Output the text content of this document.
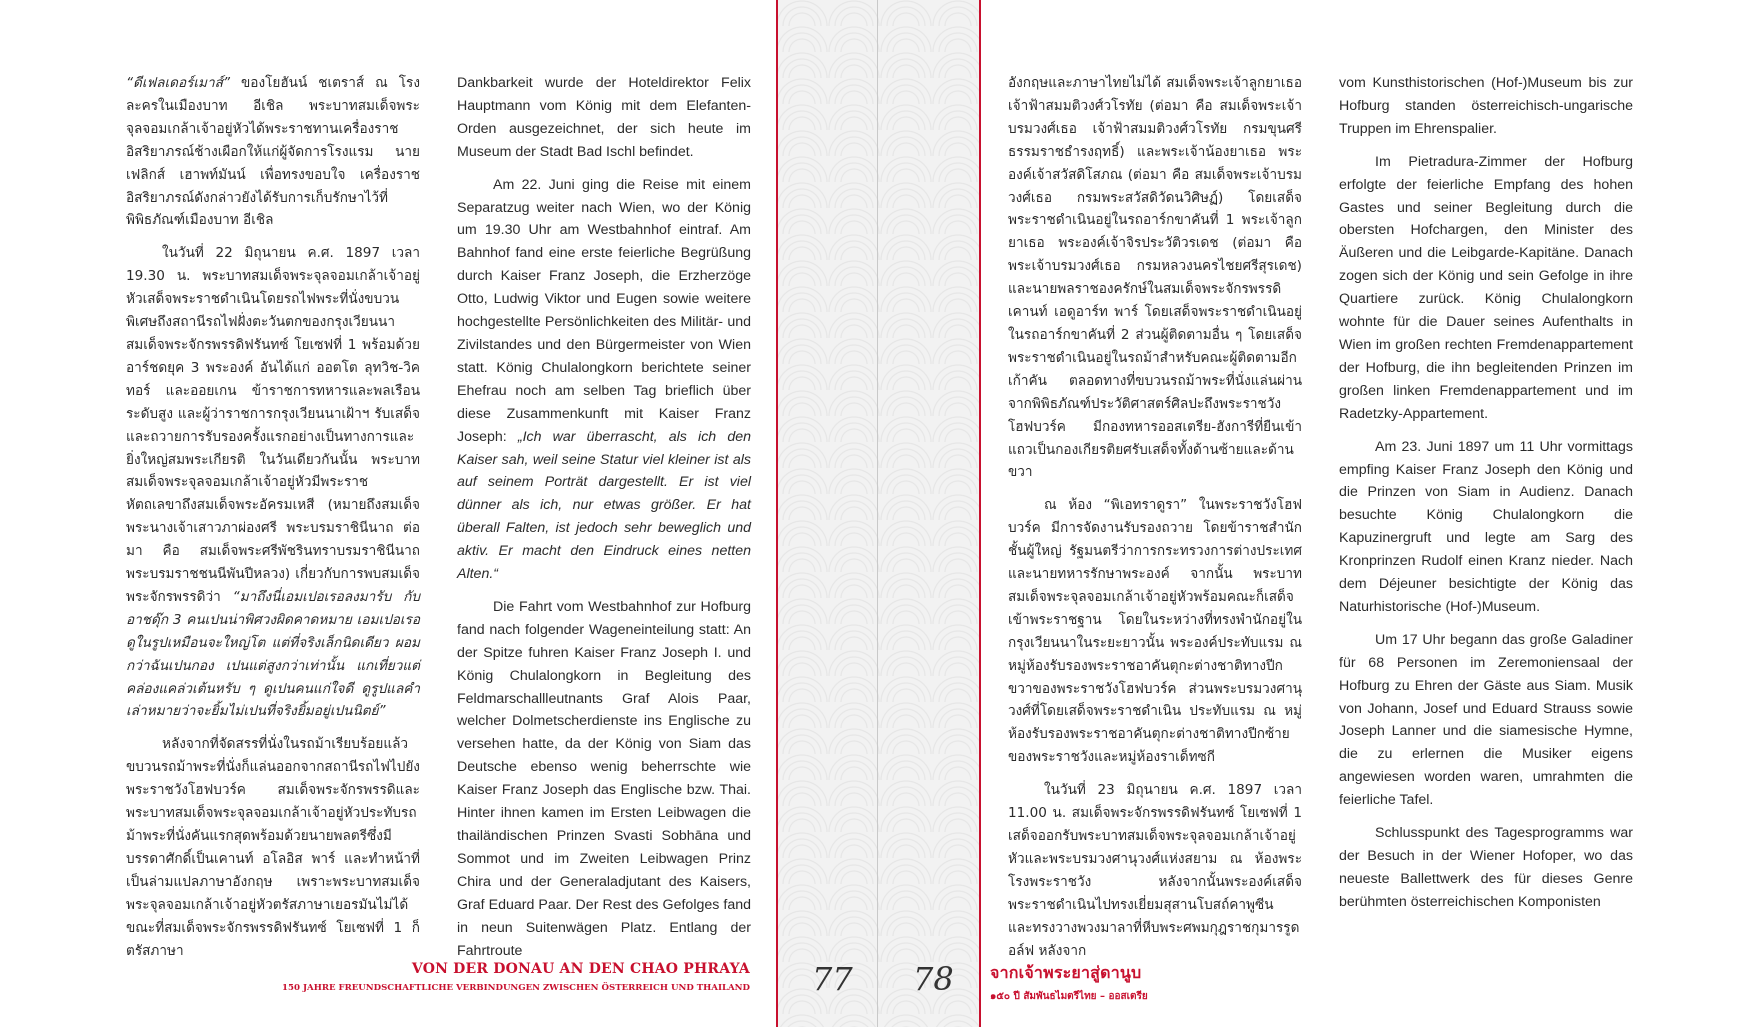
“ดีเฟลเดอร์เมาส์” ของโยฮันน์ ชเตราส์ ณ โรงละครในเมืองบาท อีเชิล พระบาทสมเด็จพระจุลจอมเกล้าเจ้าอยู่หัวได้พระราชทานเครื่องราชอิสริยาภรณ์ช้างเผือกให้แก่ผู้จัดการโรงแรม นายเฟลิกส์ เฮาพท์มันน์ เพื่อทรงขอบใจ เครื่องราชอิสริยาภรณ์ดังกล่าวยังได้รับการเก็บรักษาไว้ที่พิพิธภัณฑ์เมืองบาท อีเชิล

ในวันที่ 22 มิถุนายน ค.ศ. 1897 เวลา 19.30 น. พระบาทสมเด็จพระจุลจอมเกล้าเจ้าอยู่หัวเสด็จพระราชดำเนินโดยรถไฟพระที่นั่งขบวนพิเศษถึงสถานีรถไฟฝั่งตะวันตกของกรุงเวียนนา สมเด็จพระจักรพรรดิฟรันทซ์ โยเซฟที่ 1 พร้อมด้วยอาร์ชดยุค 3 พระองค์ อันได้แก่ ออตโต ลุทวิช-วิคทอร์ และออยเกน ข้าราชการทหารและพลเรือนระดับสูง และผู้ว่าราชการกรุงเวียนนาเฝ้าฯ รับเสด็จและถวายการรับรองครั้งแรกอย่างเป็นทางการและยิ่งใหญ่สมพระเกียรติ ในวันเดียวกันนั้น พระบาทสมเด็จพระจุลจอมเกล้าเจ้าอยู่หัวมีพระราชหัตถเลขาถึงสมเด็จพระอัครมเหสี (หมายถึงสมเด็จพระนางเจ้าเสาวภาผ่องศรี พระบรมราชินีนาถ ต่อมา คือ สมเด็จพระศรีพัชรินทราบรมราชินีนาถ พระบรมราชชนนีพันปีหลวง) เกี่ยวกับการพบสมเด็จพระจักรพรรดิว่า “มาถึงนี่เอมเปอเรอลงมารับ กับอาชดุ๊ก 3 คนเปนน่าพิศวงผิดคาดหมาย เอมเปอเรอดูในรูปเหมือนจะใหญ่โต แต่ที่จริงเล็กนิดเดียว ผอมกว่าฉันเปนกอง เปนแต่สูงกว่าเท่านั้น แกเที่ยวแต่คล่องแคล่วเต้นหรับ ๆ ดูเปนคนแก่ใจดี ดูรูปแลคำเล่าหมายว่าจะยิ้มไม่เปนที่จริงยิ้มอยู่เปนนิตย์”

หลังจากที่จัดสรรที่นั่งในรถม้าเรียบร้อยแล้ว ขบวนรถม้าพระที่นั่งก็แล่นออกจากสถานีรถไฟไปยังพระราชวังโฮฟบวร์ค สมเด็จพระจักรพรรดิและพระบาทสมเด็จพระจุลจอมเกล้าเจ้าอยู่หัวประทับรถม้าพระที่นั่งคันแรกสุดพร้อมด้วยนายพลตรีซึ่งมีบรรดาศักดิ์เป็นเคานท์ อโลอิส พาร์ และทำหน้าที่เป็นล่ามแปลภาษาอังกฤษ เพราะพระบาทสมเด็จพระจุลจอมเกล้าเจ้าอยู่หัวตรัสภาษาเยอรมันไม่ได้ ขณะที่สมเด็จพระจักรพรรดิฟรันทซ์ โยเซฟที่ 1 ก็ตรัสภาษา

Dankbarkeit wurde der Hoteldirektor Felix Hauptmann vom König mit dem Elefanten-Orden ausgezeichnet, der sich heute im Museum der Stadt Bad Ischl befindet.

Am 22. Juni ging die Reise mit einem Separatzug weiter nach Wien, wo der König um 19.30 Uhr am Westbahnhof eintraf. Am Bahnhof fand eine erste feierliche Begrüßung durch Kaiser Franz Joseph, die Erzherzöge Otto, Ludwig Viktor und Eugen sowie weitere hochgestellte Persönlichkeiten des Militär- und Zivilstandes und den Bürgermeister von Wien statt. König Chulalongkorn berichtete seiner Ehefrau noch am selben Tag brieflich über diese Zusammenkunft mit Kaiser Franz Joseph: „Ich war überrascht, als ich den Kaiser sah, weil seine Statur viel kleiner ist als auf seinem Porträt dargestellt. Er ist viel dünner als ich, nur etwas größer. Er hat überall Falten, ist jedoch sehr beweglich und aktiv. Er macht den Eindruck eines netten Alten.“

Die Fahrt vom Westbahnhof zur Hofburg fand nach folgender Wageneinteilung statt: An der Spitze fuhren Kaiser Franz Joseph I. und König Chulalongkorn in Begleitung des Feldmarschallleutnants Graf Alois Paar, welcher Dolmetscherdienste ins Englische zu versehen hatte, da der König von Siam das Deutsche ebenso wenig beherrschte wie Kaiser Franz Joseph das Englische bzw. Thai. Hinter ihnen kamen im Ersten Leibwagen die thailändischen Prinzen Svasti Sobhāna und Sommot und im Zweiten Leibwagen Prinz Chira und der Generaladjutant des Kaisers, Graf Eduard Paar. Der Rest des Gefolges fand in neun Suitenwägen Platz. Entlang der Fahrtroute

77 78
VON DER DONAU AN DEN CHAO PHRAYA
150 JAHRE FREUNDSCHAFTLICHE VERBINDUNGEN ZWISCHEN ÖSTERREICH UND THAILAND

อังกฤษและภาษาไทยไม่ได้ สมเด็จพระเจ้าลูกยาเธอ เจ้าฟ้าสมมติวงศ์วโรทัย (ต่อมา คือ สมเด็จพระเจ้าบรมวงศ์เธอ เจ้าฟ้าสมมติวงศ์วโรทัย กรมขุนศรีธรรมราชธำรงฤทธิ์) และพระเจ้าน้องยาเธอ พระองค์เจ้าสวัสดิโสภณ (ต่อมา คือ สมเด็จพระเจ้าบรมวงศ์เธอ กรมพระสวัสดิวัดนวิศิษฏ์) โดยเสด็จพระราชดำเนินอยู่ในรถอาร์กขาคันที่ 1 พระเจ้าลูกยาเธอ พระองค์เจ้าจิรประวัติวรเดช (ต่อมา คือ พระเจ้าบรมวงศ์เธอ กรมหลวงนครไชยศรีสุรเดช) และนายพลราชองครักษ์ในสมเด็จพระจักรพรรดิ เคานท์ เอดูอาร์ท พาร์ โดยเสด็จพระราชดำเนินอยู่ในรถอาร์กขาคันที่ 2 ส่วนผู้ติดตามอื่น ๆ โดยเสด็จพระราชดำเนินอยู่ในรถม้าสำหรับคณะผู้ติดตามอีกเก้าคัน ตลอดทางที่ขบวนรถม้าพระที่นั่งแล่นผ่านจากพิพิธภัณฑ์ประวัติศาสตร์ศิลปะถึงพระราชวังโฮฟบวร์ค มีกองทหารออสเตรีย-ฮังการีที่ยืนเข้าแถวเป็นกองเกียรติยศรับเสด็จทั้งด้านซ้ายและด้านขวา

ณ ห้อง “พิเอทราดูรา” ในพระราชวังโฮฟบวร์ค มีการจัดงานรับรองถวาย โดยข้าราชสำนักชั้นผู้ใหญ่ รัฐมนตรีว่าการกระทรวงการต่างประเทศและนายทหารรักษาพระองค์ จากนั้น พระบาทสมเด็จพระจุลจอมเกล้าเจ้าอยู่หัวพร้อมคณะก็เสด็จเข้าพระราชฐาน โดยในระหว่างที่ทรงพำนักอยู่ในกรุงเวียนนาในระยะยาวนั้น พระองค์ประทับแรม ณ หมู่ห้องรับรองพระราชอาคันตุกะต่างชาติทางปีกขวาของพระราชวังโฮฟบวร์ค ส่วนพระบรมวงศานุวงศ์ที่โดยเสด็จพระราชดำเนิน ประทับแรม ณ หมู่ห้องรับรองพระราชอาคันตุกะต่างชาติทางปีกซ้ายของพระราชวังและหมู่ห้องราเด็ทซกี

ในวันที่ 23 มิถุนายน ค.ศ. 1897 เวลา 11.00 น. สมเด็จพระจักรพรรดิฟรันทซ์ โยเซฟที่ 1 เสด็จออกรับพระบาทสมเด็จพระจุลจอมเกล้าเจ้าอยู่หัวและพระบรมวงศานุวงศ์แห่งสยาม ณ ห้องพระโรงพระราชวัง หลังจากนั้นพระองค์เสด็จพระราชดำเนินไปทรงเยี่ยมสุสานโบสถ์คาพูซีน และทรงวางพวงมาลาที่หีบพระศพมกุฎราชกุมารรูดอล์ฟ หลังจาก

vom Kunsthistorischen (Hof-)Museum bis zur Hofburg standen österreichisch-ungarische Truppen im Ehrenspalier.

Im Pietradura-Zimmer der Hofburg erfolgte der feierliche Empfang des hohen Gastes und seiner Begleitung durch die obersten Hofchargen, den Minister des Äußeren und die Leibgarde-Kapitäne. Danach zogen sich der König und sein Gefolge in ihre Quartiere zurück. König Chulalongkorn wohnte für die Dauer seines Aufenthalts in Wien im großen rechten Fremdenappartement der Hofburg, die ihn begleitenden Prinzen im großen linken Fremdenappartement und im Radetzky-Appartement.

Am 23. Juni 1897 um 11 Uhr vormittags empfing Kaiser Franz Joseph den König und die Prinzen von Siam in Audienz. Danach besuchte König Chulalongkorn die Kapuzinergruft und legte am Sarg des Kronprinzen Rudolf einen Kranz nieder. Nach dem Déjeuner besichtigte der König das Naturhistorische (Hof-)Museum.

Um 17 Uhr begann das große Galadiner für 68 Personen im Zeremoniensaal der Hofburg zu Ehren der Gäste aus Siam. Musik von Johann, Josef und Eduard Strauss sowie Joseph Lanner und die siamesische Hymne, die zu erlernen die Musiker eigens angewiesen worden waren, umrahmten die feierliche Tafel.

Schlusspunkt des Tagesprogramms war der Besuch in der Wiener Hofoper, wo das neueste Ballettwerk des für dieses Genre berühmten österreichischen Komponisten

จากเจ้าพระยาสู่ดานูบ
๑๕๐ ปี สัมพันธไมตรีไทย – ออสเตรีย
